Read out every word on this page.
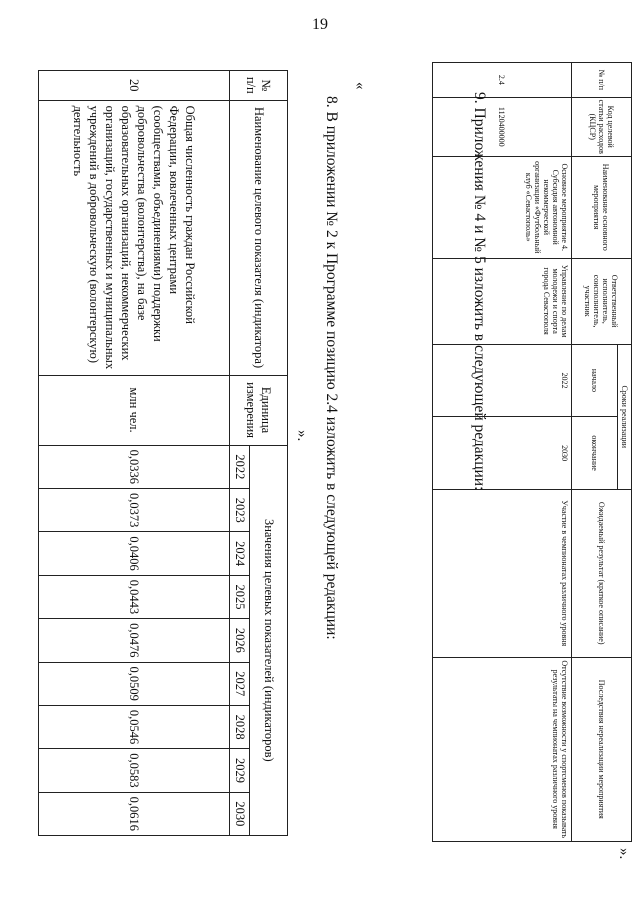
19
№ п/п	Наименование целевого показателя (индикатора)	Единица измерения	Значения целевых показателей (индикаторов)								
			2022	2023	2024	2025	2026	2027	2028	2029	2030
20	Общая численность граждан Российской Федерации, вовлеченных центрами (сообществами, объединениями) поддержки добровольчества (волонтерства), на базе образовательных организаций, некоммерческих организаций, государственных и муниципальных учреждений в добровольческую (волонтерскую) деятельность	млн чел.	0,0336	0,0373	0,0406	0,0443	0,0476	0,0509	0,0546	0,0583	0,0616
». 8. В приложении № 2 к Программе позицию 2.4 изложить в следующей редакции:
«	№ п/п	Код целевой статьи расходов (КЦСР)	Наименование основного мероприятия	Ответственный исполнитель, соисполнитель, участник	Сроки реализации		Ожидаемый результат (краткое описание)	Последствия нереализации мероприятия
				начало	окончание		
2.4	1120400000	Основное мероприятие 4. Субсидия автономной некоммерческой организации «Футбольный клуб «Севастополь»	Управление по делам молодежи и спорта города Севастополя	2022	2030	Участие в чемпионатах различного уровня	Отсутствие возможности у спортсменов показывать результаты на чемпионатах различного уровня
».
9. Приложения № 4 и № 5 изложить в следующей редакции:
